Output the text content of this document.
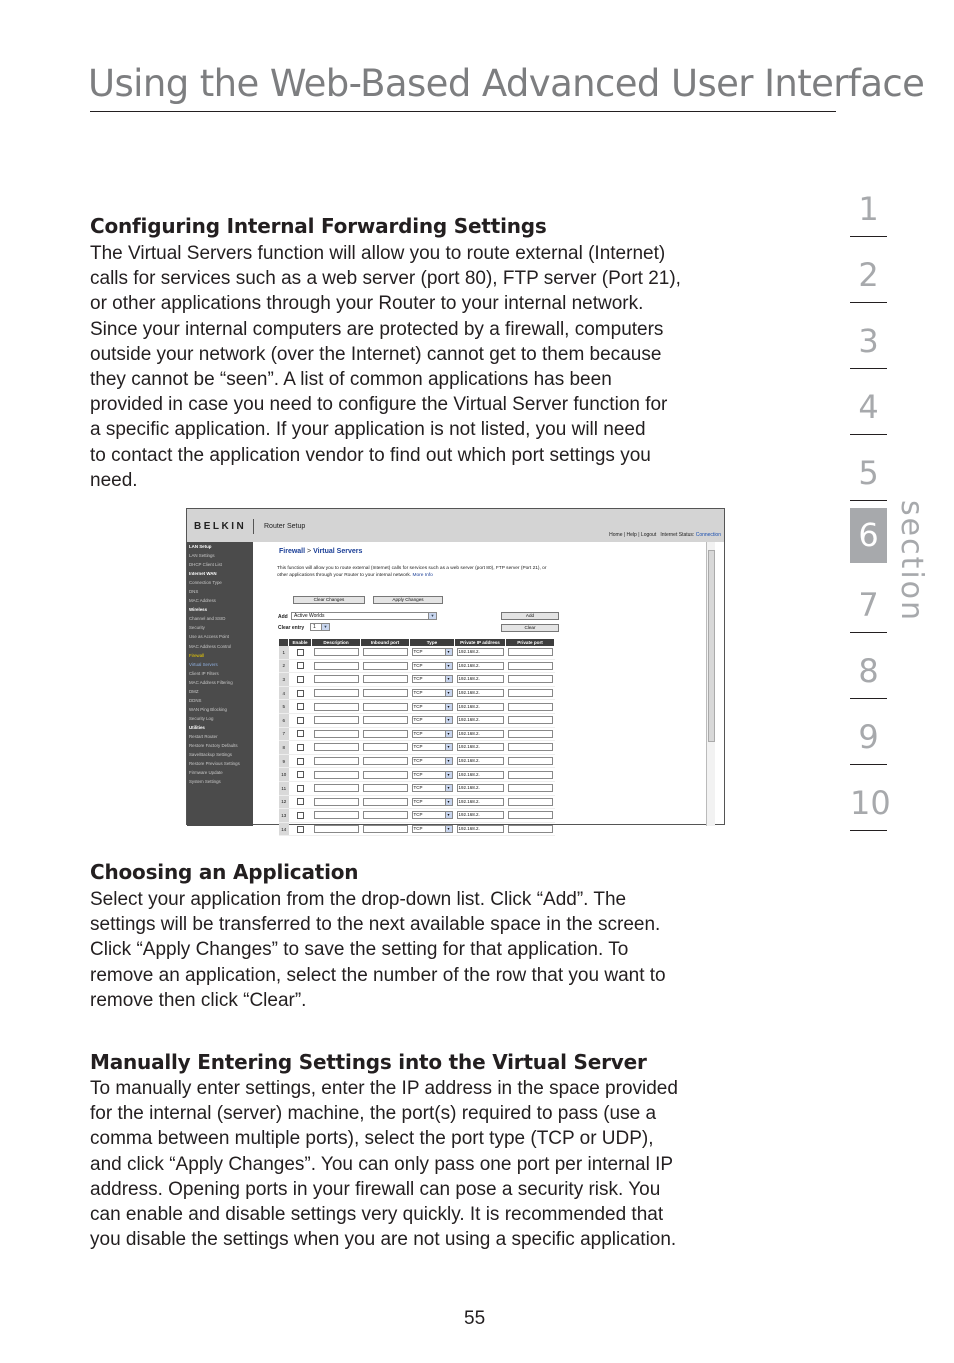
Using the Web-Based Advanced User Interface
1
2
3
4
5
6
7
8
9
10
section
Configuring Internal Forwarding Settings
The Virtual Servers function will allow you to route external (Internet)
calls for services such as a web server (port 80), FTP server (Port 21),
or other applications through your Router to your internal network.
Since your internal computers are protected by a firewall, computers
outside your network (over the Internet) cannot get to them because
they cannot be “seen”. A list of common applications has been
provided in case you need to configure the Virtual Server function for
a specific application. If your application is not listed, you will need
to contact the application vendor to find out which port settings you
need.
BELKIN	Router Setup
Home | Help | Logout Internet Status: Connection
LAN Setup
LAN Settings
DHCP Client List
Internet WAN
Connection Type
DNS
MAC Address
Wireless
Channel and SSID
Security
Use as Access Point
MAC Address Control
Firewall
Virtual Servers
Client IP Filters
MAC Address Filtering
DMZ
DDNS
WAN Ping Blocking
Security Log
Utilities
Restart Router
Restore Factory Defaults
Save/Backup Settings
Restore Previous Settings
Firmware Update
System Settings
Firewall > Virtual Servers
This function will allow you to route external (Internet) calls for services such as a web server (port 80), FTP server (Port 21), or other applications through your Router to your internal network. More Info
Clear Changes	Apply Changes
Add	Active Worlds	▼	Add
Clear entry	1	▼	Clear
	Enable	Description	Inbound port	Type	Private IP address	Private port
1				TCP ▼	192.168.2.	

2				TCP ▼	192.168.2.	

3				TCP ▼	192.168.2.	

4				TCP ▼	192.168.2.	

5				TCP ▼	192.168.2.	

6				TCP ▼	192.168.2.	

7				TCP ▼	192.168.2.	

8				TCP ▼	192.168.2.	

9				TCP ▼	192.168.2.	

10				TCP ▼	192.168.2.	

11				TCP ▼	192.168.2.	

12				TCP ▼	192.168.2.	

13				TCP ▼	192.168.2.	

14				TCP ▼	192.168.2.	

Choosing an Application
Select your application from the drop-down list. Click “Add”. The
settings will be transferred to the next available space in the screen.
Click “Apply Changes” to save the setting for that application. To
remove an application, select the number of the row that you want to
remove then click “Clear”.
Manually Entering Settings into the Virtual Server
To manually enter settings, enter the IP address in the space provided
for the internal (server) machine, the port(s) required to pass (use a
comma between multiple ports), select the port type (TCP or UDP),
and click “Apply Changes”. You can only pass one port per internal IP
address. Opening ports in your firewall can pose a security risk. You
can enable and disable settings very quickly. It is recommended that
you disable the settings when you are not using a specific application.
55
